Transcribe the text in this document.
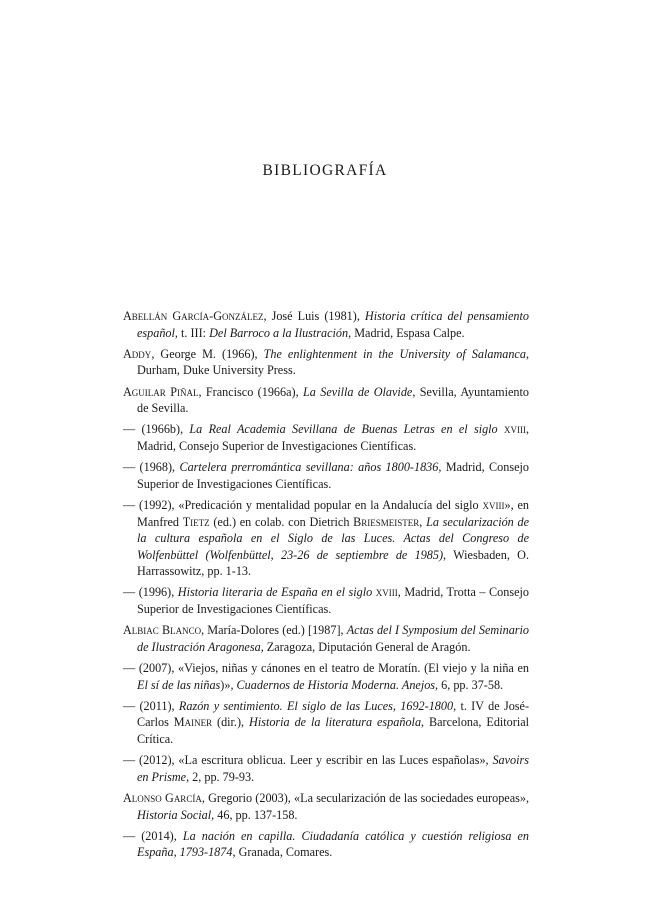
BIBLIOGRAFÍA

Abellán García-González, José Luis (1981), Historia crítica del pensamiento español, t. III: Del Barroco a la Ilustración, Madrid, Espasa Calpe.

Addy, George M. (1966), The enlightenment in the University of Salamanca, Durham, Duke University Press.

Aguilar Piñal, Francisco (1966a), La Sevilla de Olavide, Sevilla, Ayuntamiento de Sevilla.

— (1966b), La Real Academia Sevillana de Buenas Letras en el siglo xviii, Madrid, Consejo Superior de Investigaciones Científicas.

— (1968), Cartelera prerromántica sevillana: años 1800-1836, Madrid, Consejo Superior de Investigaciones Científicas.

— (1992), «Predicación y mentalidad popular en la Andalucía del siglo xviii», en Manfred Tietz (ed.) en colab. con Dietrich Briesmeister, La secularización de la cultura española en el Siglo de las Luces. Actas del Congreso de Wolfenbüttel (Wolfenbüttel, 23-26 de septiembre de 1985), Wiesbaden, O. Harrassowitz, pp. 1-13.

— (1996), Historia literaria de España en el siglo xviii, Madrid, Trotta – Consejo Superior de Investigaciones Científicas.

Albiac Blanco, María-Dolores (ed.) [1987], Actas del I Symposium del Seminario de Ilustración Aragonesa, Zaragoza, Diputación General de Aragón.

— (2007), «Viejos, niñas y cánones en el teatro de Moratín. (El viejo y la niña en El sí de las niñas)», Cuadernos de Historia Moderna. Anejos, 6, pp. 37-58.

— (2011), Razón y sentimiento. El siglo de las Luces, 1692-1800, t. IV de José-Carlos Mainer (dir.), Historia de la literatura española, Barcelona, Editorial Crítica.

— (2012), «La escritura oblicua. Leer y escribir en las Luces españolas», Savoirs en Prisme, 2, pp. 79-93.

Alonso García, Gregorio (2003), «La secularización de las sociedades europeas», Historia Social, 46, pp. 137-158.

— (2014), La nación en capilla. Ciudadanía católica y cuestión religiosa en España, 1793-1874, Granada, Comares.
